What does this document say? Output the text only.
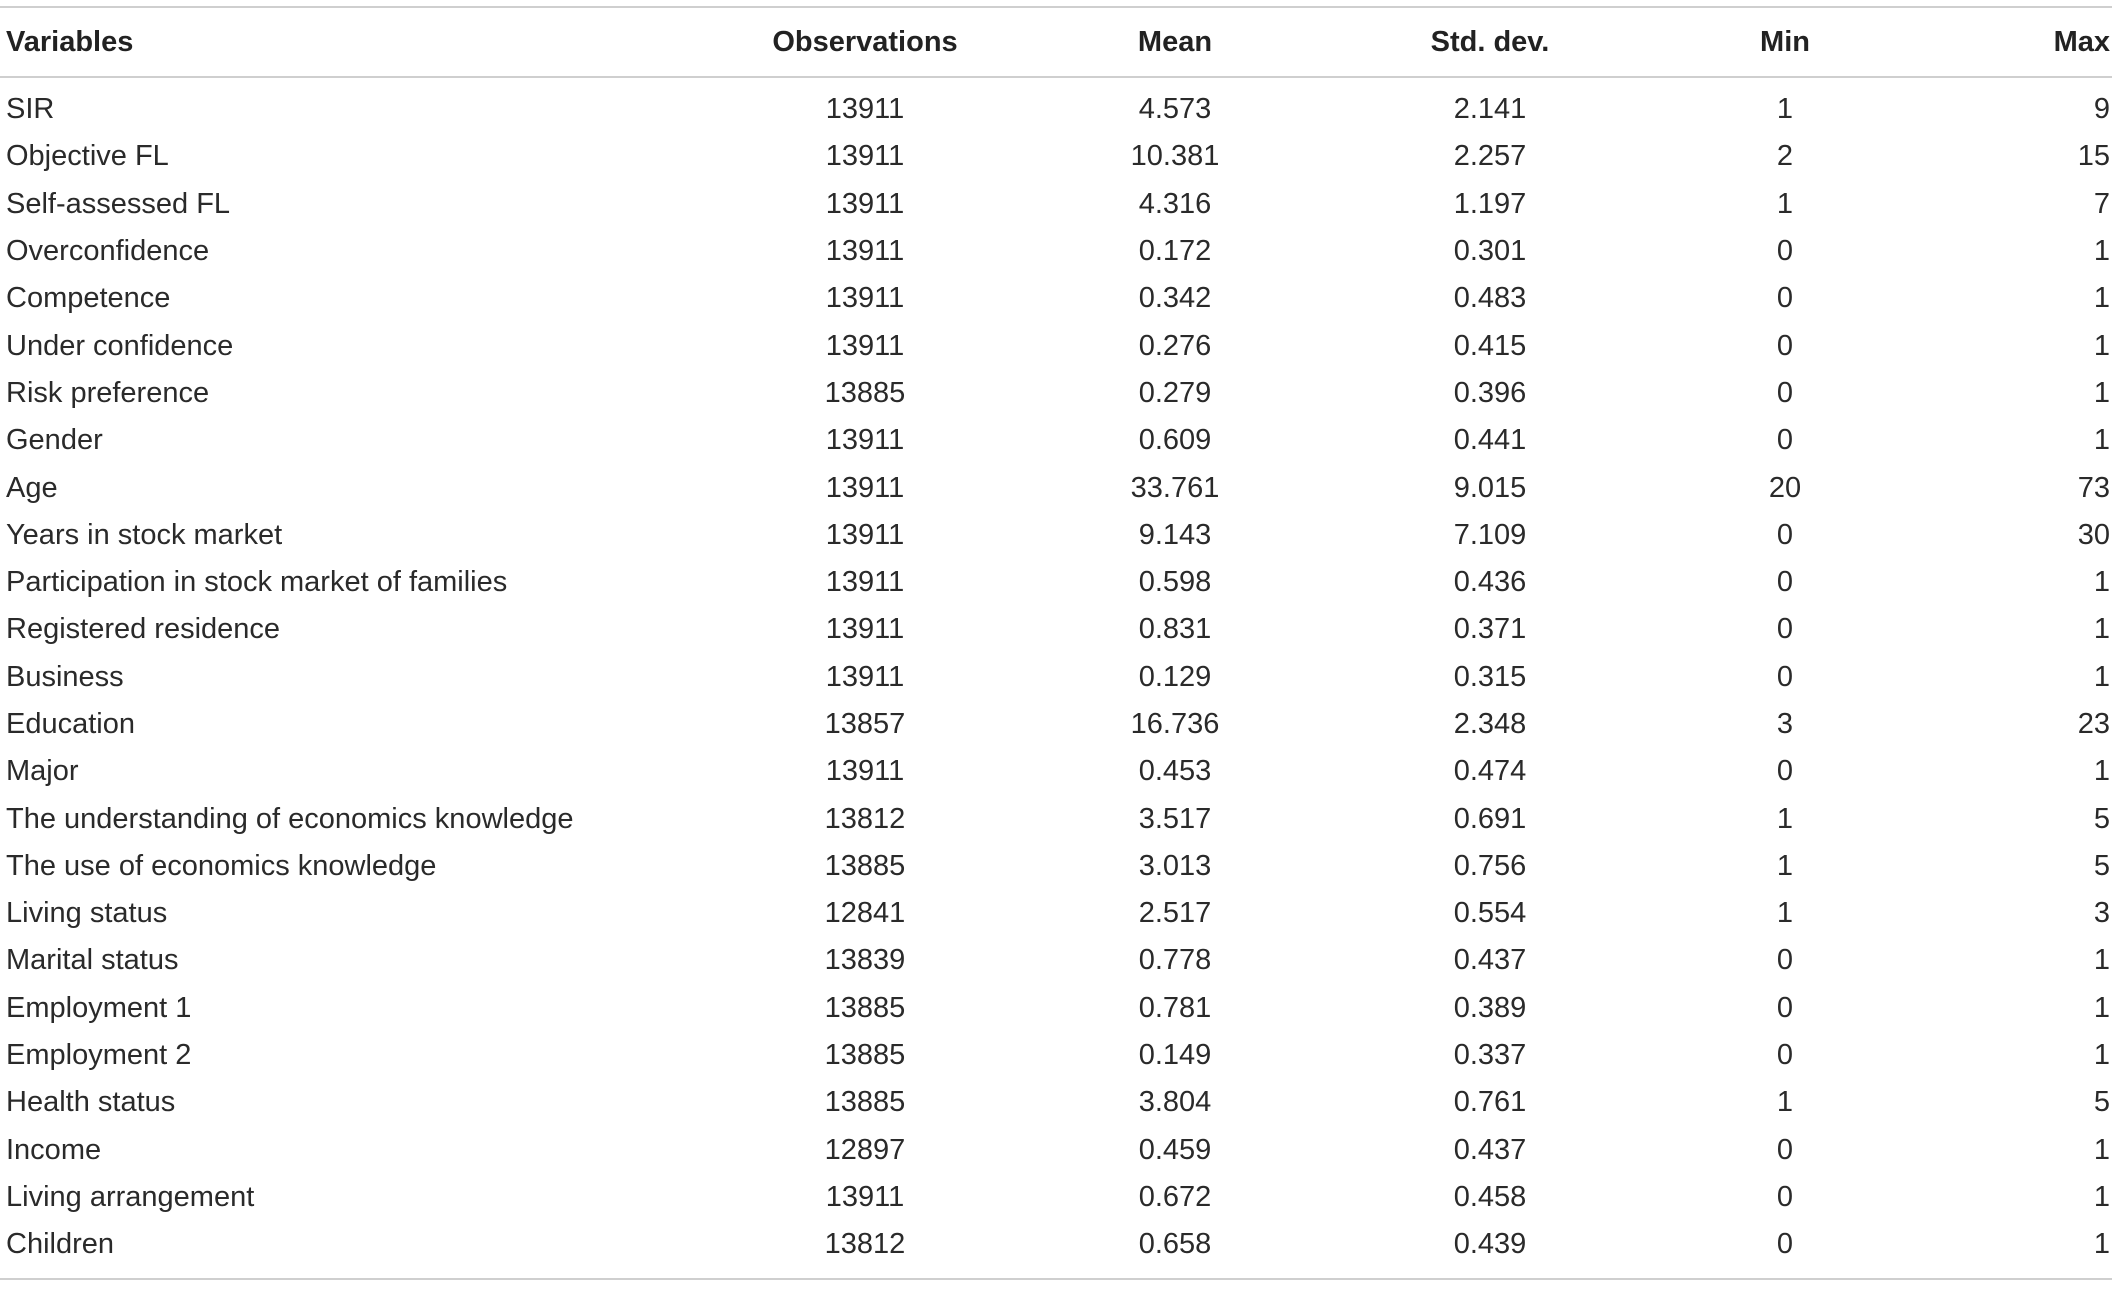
Variables	Observations	Mean	Std. dev.	Min	Max
SIR	13911	4.573	2.141	1	9
Objective FL	13911	10.381	2.257	2	15
Self-assessed FL	13911	4.316	1.197	1	7
Overconfidence	13911	0.172	0.301	0	1
Competence	13911	0.342	0.483	0	1
Under confidence	13911	0.276	0.415	0	1
Risk preference	13885	0.279	0.396	0	1
Gender	13911	0.609	0.441	0	1
Age	13911	33.761	9.015	20	73
Years in stock market	13911	9.143	7.109	0	30
Participation in stock market of families	13911	0.598	0.436	0	1
Registered residence	13911	0.831	0.371	0	1
Business	13911	0.129	0.315	0	1
Education	13857	16.736	2.348	3	23
Major	13911	0.453	0.474	0	1
The understanding of economics knowledge	13812	3.517	0.691	1	5
The use of economics knowledge	13885	3.013	0.756	1	5
Living status	12841	2.517	0.554	1	3
Marital status	13839	0.778	0.437	0	1
Employment 1	13885	0.781	0.389	0	1
Employment 2	13885	0.149	0.337	0	1
Health status	13885	3.804	0.761	1	5
Income	12897	0.459	0.437	0	1
Living arrangement	13911	0.672	0.458	0	1
Children	13812	0.658	0.439	0	1
